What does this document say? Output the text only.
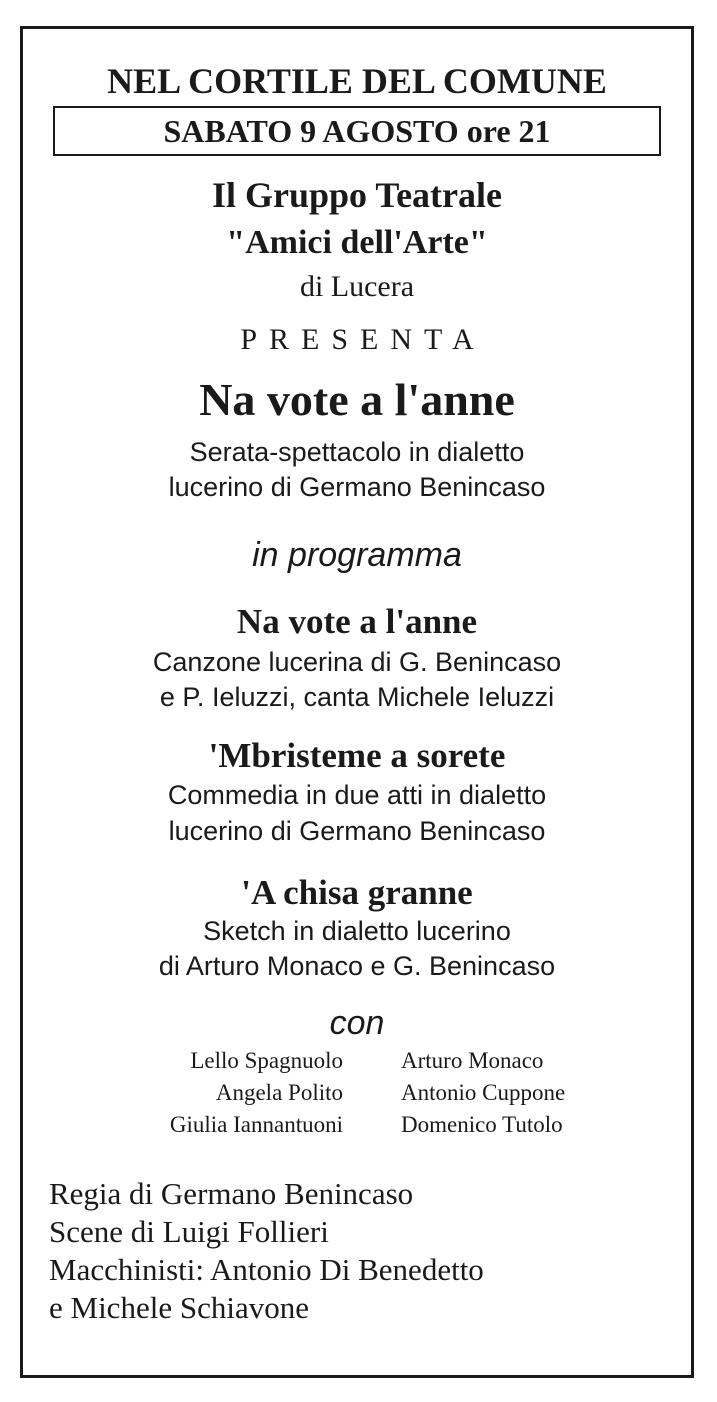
NEL CORTILE DEL COMUNE
SABATO 9 AGOSTO ore 21
Il Gruppo Teatrale
"Amici dell'Arte"
di Lucera
PRESENTA
Na vote a l'anne
Serata-spettacolo in dialetto
lucerino di Germano Benincaso
in programma
Na vote a l'anne
Canzone lucerina di G. Benincaso
e P. Ieluzzi, canta Michele Ieluzzi
'Mbristeme a sorete
Commedia in due atti in dialetto
lucerino di Germano Benincaso
'A chisa granne
Sketch in dialetto lucerino
di Arturo Monaco e G. Benincaso
con
Lello Spagnuolo
Angela Polito
Giulia Iannantuoni
Arturo Monaco
Antonio Cuppone
Domenico Tutolo
Regia di Germano Benincaso
Scene di Luigi Follieri
Macchinisti: Antonio Di Benedetto
e Michele Schiavone
